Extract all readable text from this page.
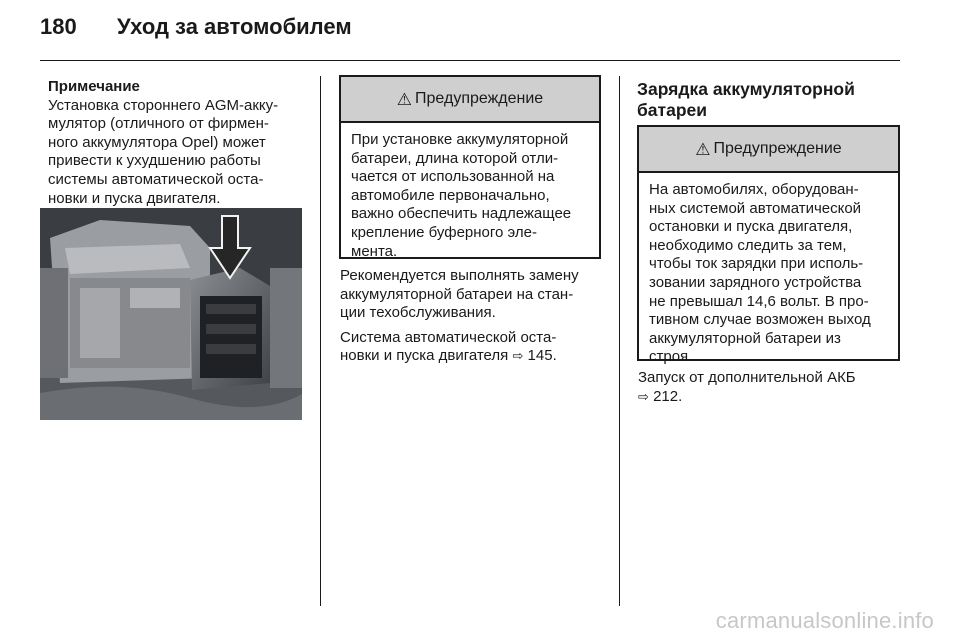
180 Уход за автомобилем

Примечание

Установка стороннего AGM-акку-
мулятор (отличного от фирмен-
ного аккумулятора Opel) может
привести к ухудшению работы
системы автоматической оста-
новки и пуска двигателя.

⚠ Предупреждение
При установке аккумуляторной
батареи, длина которой отли-
чается от использованной на
автомобиле первоначально,
важно обеспечить надлежащее
крепление буферного эле-
мента.

Рекомендуется выполнять замену
аккумуляторной батареи на стан-
ции техобслуживания.

Система автоматической оста-
новки и пуска двигателя ⇨ 145.

Зарядка аккумуляторной
батареи

⚠ Предупреждение
На автомобилях, оборудован-
ных системой автоматической
остановки и пуска двигателя,
необходимо следить за тем,
чтобы ток зарядки при исполь-
зовании зарядного устройства
не превышал 14,6 вольт. В про-
тивном случае возможен выход
аккумуляторной батареи из
строя.

Запуск от дополнительной АКБ
⇨ 212.

carmanualsonline.info
